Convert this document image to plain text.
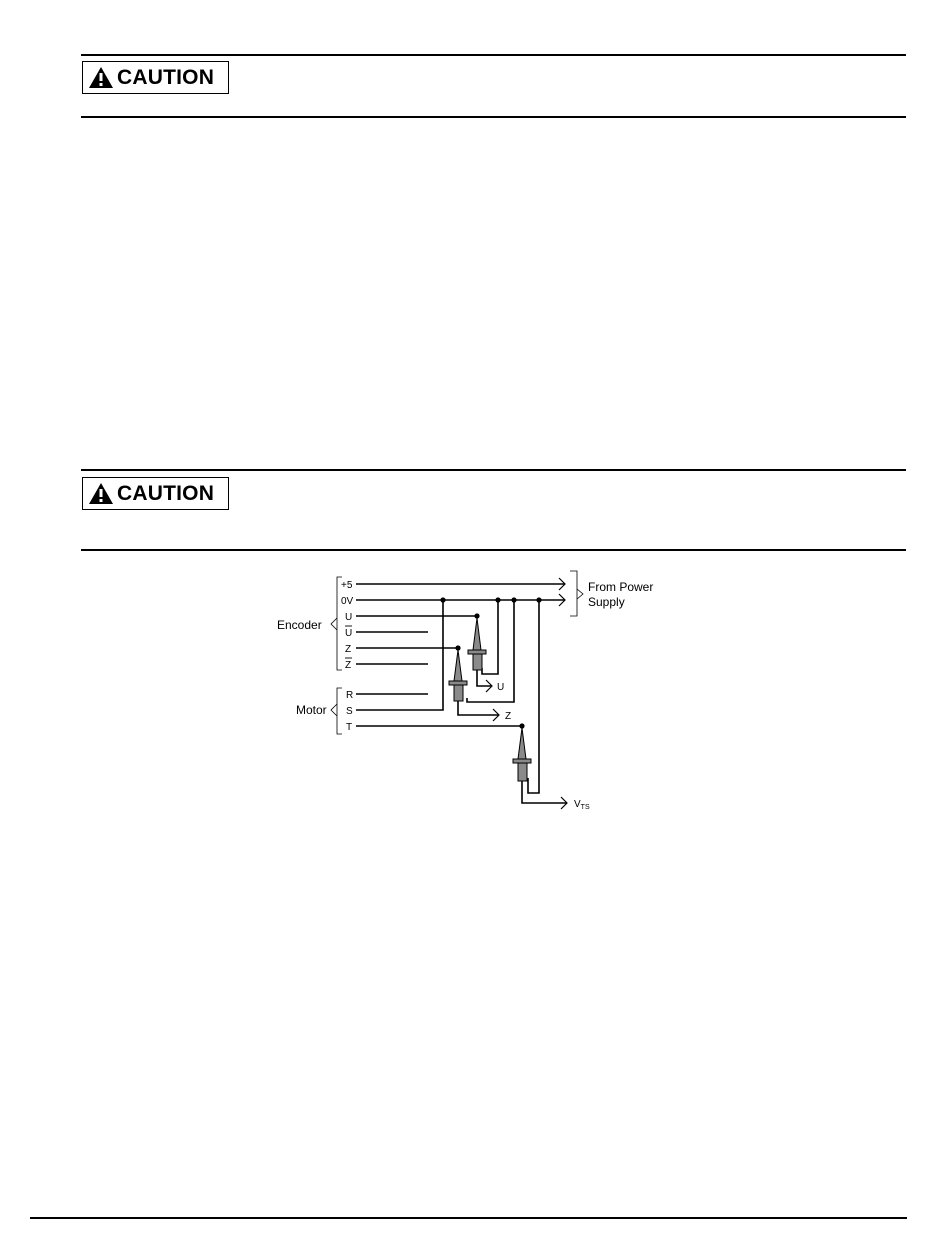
CAUTION
CAUTION
Encoder
Motor
From Power
Supply
+5
0V
U
U
Z
Z
R
S
T
U
Z
$V_{TS}$
